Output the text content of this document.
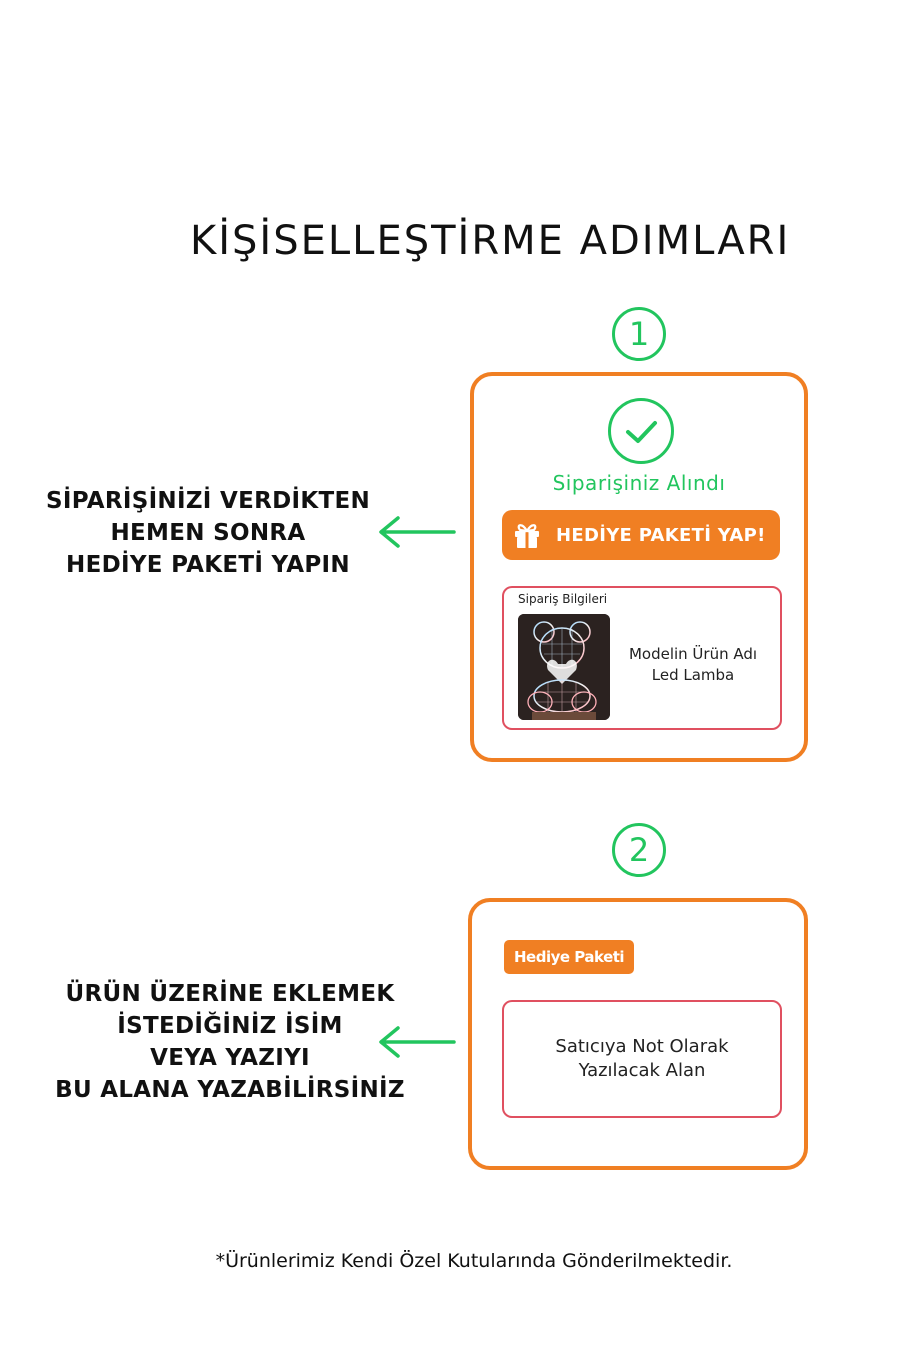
KİŞİSELLEŞTİRME ADIMLARI
1
SİPARİŞİNİZİ VERDİKTEN
HEMEN SONRA
HEDİYE PAKETİ YAPIN
Siparişiniz Alındı
HEDİYE PAKETİ YAP!
Sipariş Bilgileri
Modelin Ürün Adı
Led Lamba
2
ÜRÜN ÜZERİNE EKLEMEK
İSTEDİĞİNİZ İSİM
VEYA YAZIYI
BU ALANA YAZABİLİRSİNİZ
Hediye Paketi
Satıcıya Not Olarak
Yazılacak Alan
*Ürünlerimiz Kendi Özel Kutularında Gönderilmektedir.
